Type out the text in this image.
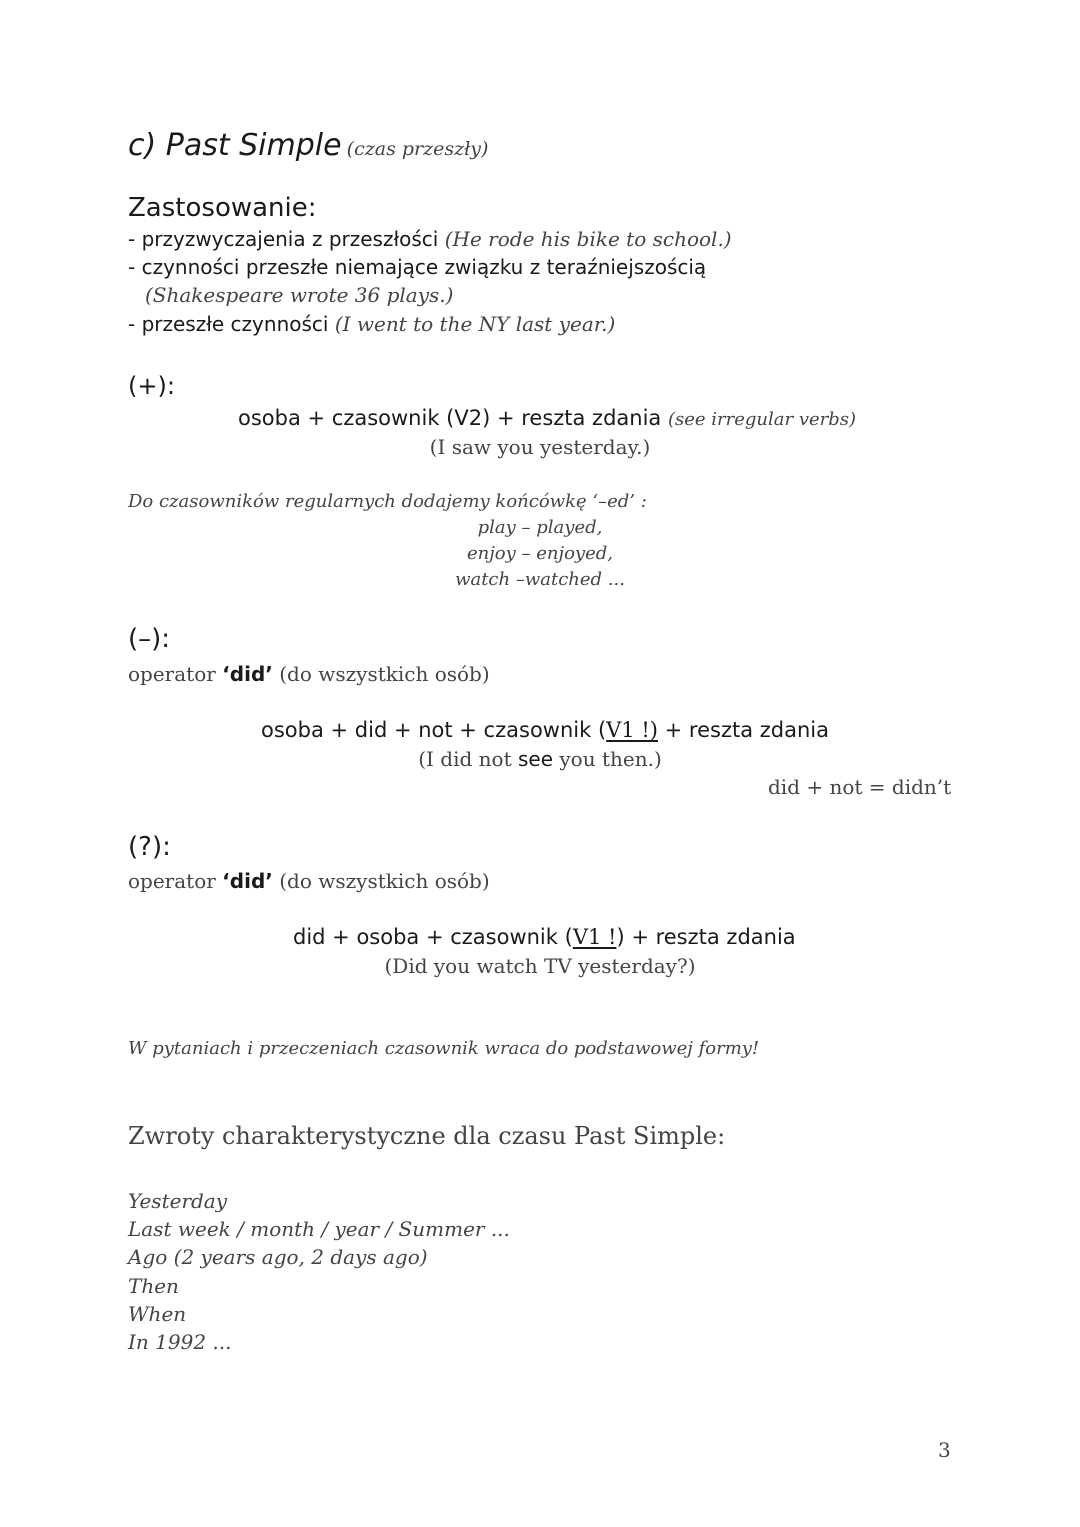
c) Past Simple (czas przeszły)
Zastosowanie:
- przyzwyczajenia z przeszłości (He rode his bike to school.)
- czynności przeszłe niemające związku z teraźniejszością
(Shakespeare wrote 36 plays.)
- przeszłe czynności (I went to the NY last year.)
(+):
osoba + czasownik (V2) + reszta zdania (see irregular verbs)
(I saw you yesterday.)
Do czasowników regularnych dodajemy końcówkę ‘–ed’ :
play – played,
enjoy – enjoyed,
watch –watched ...
(–):
operator ‘did’ (do wszystkich osób)
osoba + did + not + czasownik (V1 !) + reszta zdania
(I did not see you then.)
did + not = didn’t
(?):
operator ‘did’ (do wszystkich osób)
did + osoba + czasownik (V1 !) + reszta zdania
(Did you watch TV yesterday?)
W pytaniach i przeczeniach czasownik wraca do podstawowej formy!
Zwroty charakterystyczne dla czasu Past Simple:
Yesterday
Last week / month / year / Summer ...
Ago (2 years ago, 2 days ago)
Then
When
In 1992 ...
3
